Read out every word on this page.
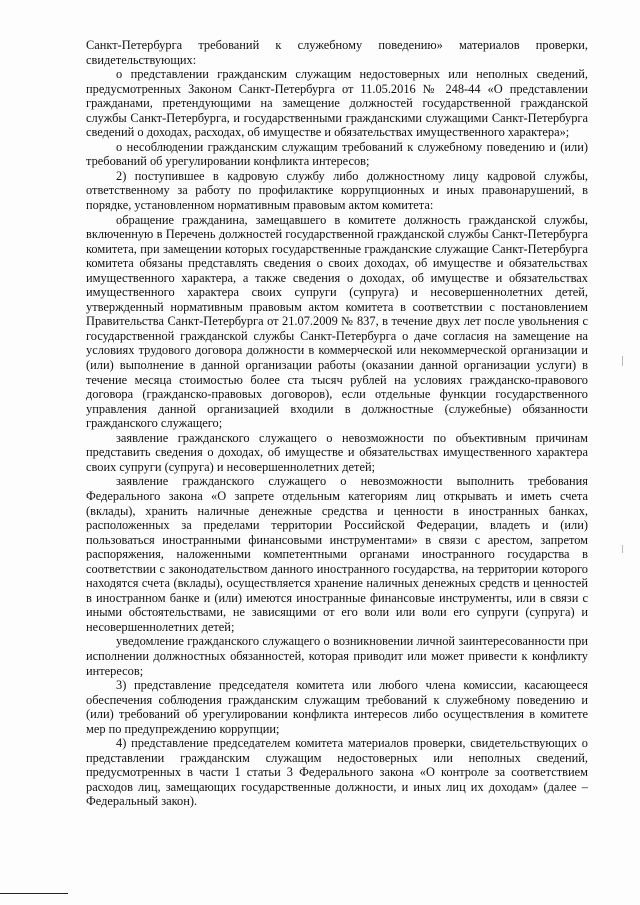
Санкт-Петербурга требований к служебному поведению» материалов проверки, свидетельствующих:

о представлении гражданским служащим недостоверных или неполных сведений, предусмотренных Законом Санкт-Петербурга от 11.05.2016 № 248-44 «О представлении гражданами, претендующими на замещение должностей государственной гражданской службы Санкт-Петербурга, и государственными гражданскими служащими Санкт-Петербурга сведений о доходах, расходах, об имуществе и обязательствах имущественного характера»;

о несоблюдении гражданским служащим требований к служебному поведению и (или) требований об урегулировании конфликта интересов;

2) поступившее в кадровую службу либо должностному лицу кадровой службы, ответственному за работу по профилактике коррупционных и иных правонарушений, в порядке, установленном нормативным правовым актом комитета:

обращение гражданина, замещавшего в комитете должность гражданской службы, включенную в Перечень должностей государственной гражданской службы Санкт-Петербурга комитета, при замещении которых государственные гражданские служащие Санкт-Петербурга комитета обязаны представлять сведения о своих доходах, об имуществе и обязательствах имущественного характера, а также сведения о доходах, об имуществе и обязательствах имущественного характера своих супруги (супруга) и несовершеннолетних детей, утвержденный нормативным правовым актом комитета в соответствии с постановлением Правительства Санкт-Петербурга от 21.07.2009 № 837, в течение двух лет после увольнения с государственной гражданской службы Санкт-Петербурга о даче согласия на замещение на условиях трудового договора должности в коммерческой или некоммерческой организации и (или) выполнение в данной организации работы (оказании данной организации услуги) в течение месяца стоимостью более ста тысяч рублей на условиях гражданско-правового договора (гражданско-правовых договоров), если отдельные функции государственного управления данной организацией входили в должностные (служебные) обязанности гражданского служащего;

заявление гражданского служащего о невозможности по объективным причинам представить сведения о доходах, об имуществе и обязательствах имущественного характера своих супруги (супруга) и несовершеннолетних детей;

заявление гражданского служащего о невозможности выполнить требования Федерального закона «О запрете отдельным категориям лиц открывать и иметь счета (вклады), хранить наличные денежные средства и ценности в иностранных банках, расположенных за пределами территории Российской Федерации, владеть и (или) пользоваться иностранными финансовыми инструментами» в связи с арестом, запретом распоряжения, наложенными компетентными органами иностранного государства в соответствии с законодательством данного иностранного государства, на территории которого находятся счета (вклады), осуществляется хранение наличных денежных средств и ценностей в иностранном банке и (или) имеются иностранные финансовые инструменты, или в связи с иными обстоятельствами, не зависящими от его воли или воли его супруги (супруга) и несовершеннолетних детей;

уведомление гражданского служащего о возникновении личной заинтересованности при исполнении должностных обязанностей, которая приводит или может привести к конфликту интересов;

3) представление председателя комитета или любого члена комиссии, касающееся обеспечения соблюдения гражданским служащим требований к служебному поведению и (или) требований об урегулировании конфликта интересов либо осуществления в комитете мер по предупреждению коррупции;

4) представление председателем комитета материалов проверки, свидетельствующих о представлении гражданским служащим недостоверных или неполных сведений, предусмотренных в части 1 статьи 3 Федерального закона «О контроле за соответствием расходов лиц, замещающих государственные должности, и иных лиц их доходам» (далее – Федеральный закон).
